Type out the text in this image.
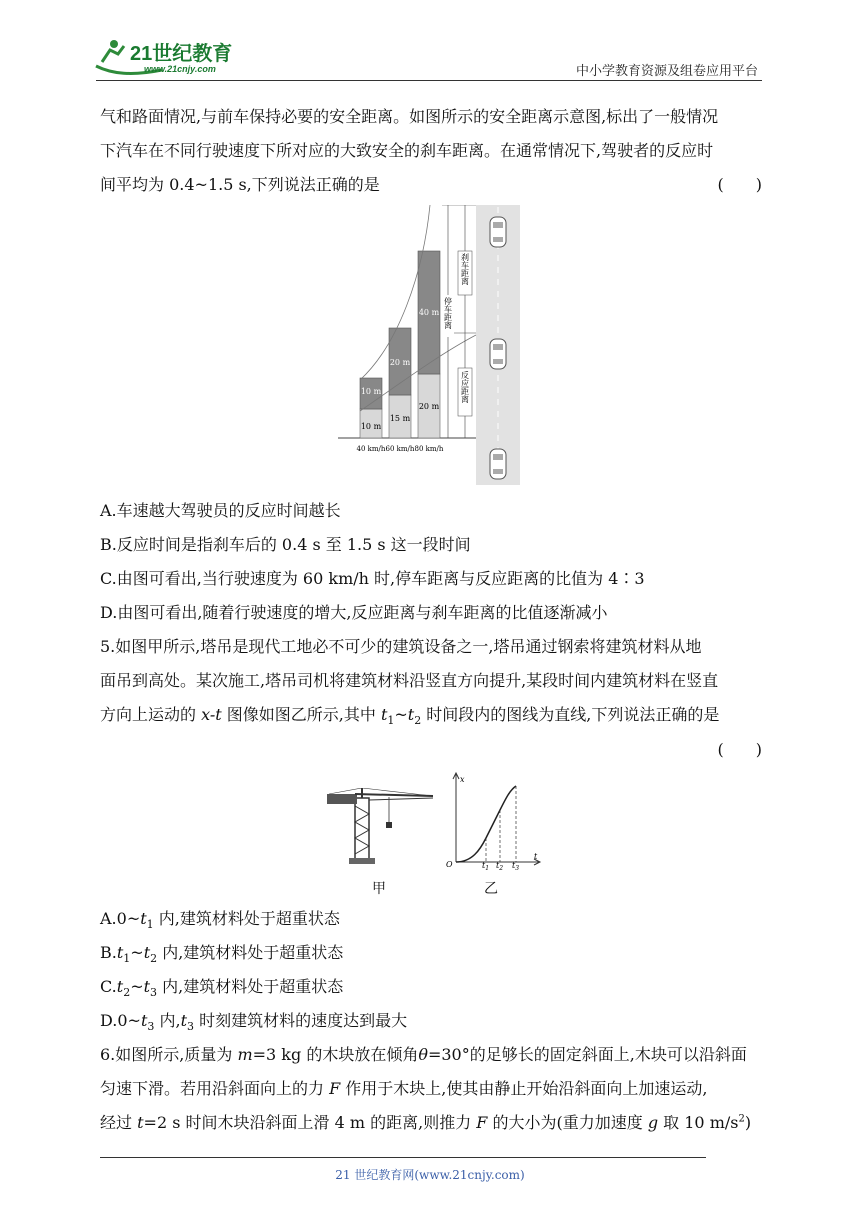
21世纪教育
www.21cnjy.com	中小学教育资源及组卷应用平台
气和路面情况,与前车保持必要的安全距离。如图所示的安全距离示意图,标出了一般情况
下汽车在不同行驶速度下所对应的大致安全的刹车距离。在通常情况下,驾驶者的反应时
间平均为 0.4~1.5 s,下列说法正确的是	(　　)
10 m
15 m
20 m
10 m
20 m
40 m
刹车距离
停车距离
反应距离
40 km/h 60 km/h 80 km/h
A.车速越大驾驶员的反应时间越长
B.反应时间是指刹车后的 0.4 s 至 1.5 s 这一段时间
C.由图可看出,当行驶速度为 60 km/h 时,停车距离与反应距离的比值为 4∶3
D.由图可看出,随着行驶速度的增大,反应距离与刹车距离的比值逐渐减小
5.如图甲所示,塔吊是现代工地必不可少的建筑设备之一,塔吊通过钢索将建筑材料从地
面吊到高处。某次施工,塔吊司机将建筑材料沿竖直方向提升,某段时间内建筑材料在竖直
方向上运动的 x-t 图像如图乙所示,其中 $t_1\sim t_2$ 时间段内的图线为直线,下列说法正确的是
(　　)
甲
x
t
O	$t_1$ $t_2$ $t_3$
乙
$A.0\sim t_1$ 内,建筑材料处于超重状态
$B.t_1\sim t_2$ 内,建筑材料处于超重状态
$C.t_2\sim t_3$ 内,建筑材料处于超重状态
$D.0\sim t_3$ 内$,t_3$ 时刻建筑材料的速度达到最大
6.如图所示,质量为 m=3 kg 的木块放在倾角θ=30°的足够长的固定斜面上,木块可以沿斜面
匀速下滑。若用沿斜面向上的力 F 作用于木块上,使其由静止开始沿斜面向上加速运动,
经过 t=2 s 时间木块沿斜面上滑 4 m 的距离,则推力 F 的大小为(重力加速度 g 取 10 $m/s^2$)
21 世纪教育网(www.21cnjy.com)
